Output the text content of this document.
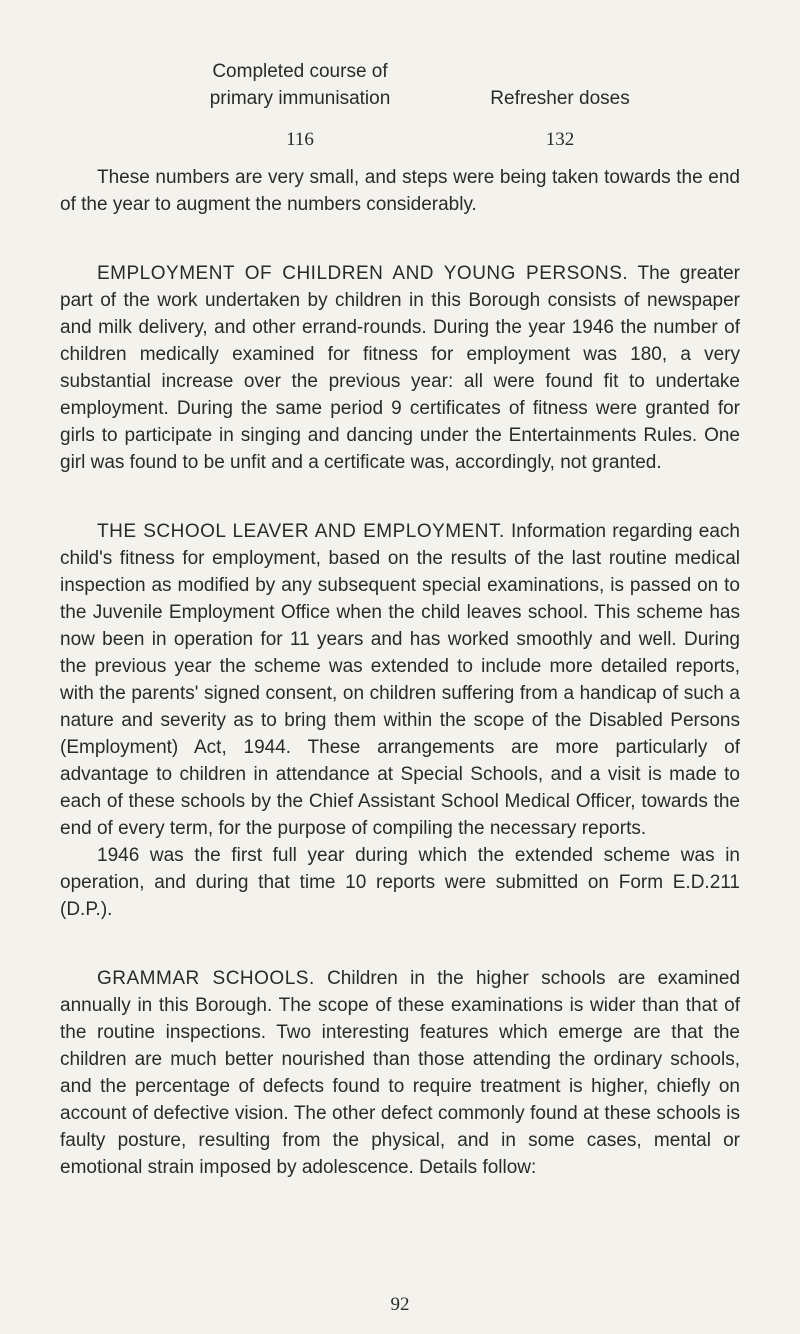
Completed course of
primary immunisation
116
Refresher doses
132

These numbers are very small, and steps were being taken towards the end of the year to augment the numbers considerably.

EMPLOYMENT OF CHILDREN AND YOUNG PERSONS. The greater part of the work undertaken by children in this Borough consists of newspaper and milk delivery, and other errand-rounds. During the year 1946 the number of children medically examined for fitness for employment was 180, a very substantial increase over the previous year: all were found fit to undertake employment. During the same period 9 certificates of fitness were granted for girls to participate in singing and dancing under the Entertainments Rules. One girl was found to be unfit and a certificate was, accordingly, not granted.

THE SCHOOL LEAVER AND EMPLOYMENT. Information regarding each child's fitness for employment, based on the results of the last routine medical inspection as modified by any subsequent special examinations, is passed on to the Juvenile Employment Office when the child leaves school. This scheme has now been in operation for 11 years and has worked smoothly and well. During the previous year the scheme was extended to include more detailed reports, with the parents' signed consent, on children suffering from a handicap of such a nature and severity as to bring them within the scope of the Disabled Persons (Employment) Act, 1944. These arrangements are more particularly of advantage to children in attendance at Special Schools, and a visit is made to each of these schools by the Chief Assistant School Medical Officer, towards the end of every term, for the purpose of compiling the necessary reports.

1946 was the first full year during which the extended scheme was in operation, and during that time 10 reports were submitted on Form E.D.211 (D.P.).

GRAMMAR SCHOOLS. Children in the higher schools are examined annually in this Borough. The scope of these examinations is wider than that of the routine inspections. Two interesting features which emerge are that the children are much better nourished than those attending the ordinary schools, and the percentage of defects found to require treatment is higher, chiefly on account of defective vision. The other defect commonly found at these schools is faulty posture, resulting from the physical, and in some cases, mental or emotional strain imposed by adolescence. Details follow:

92
